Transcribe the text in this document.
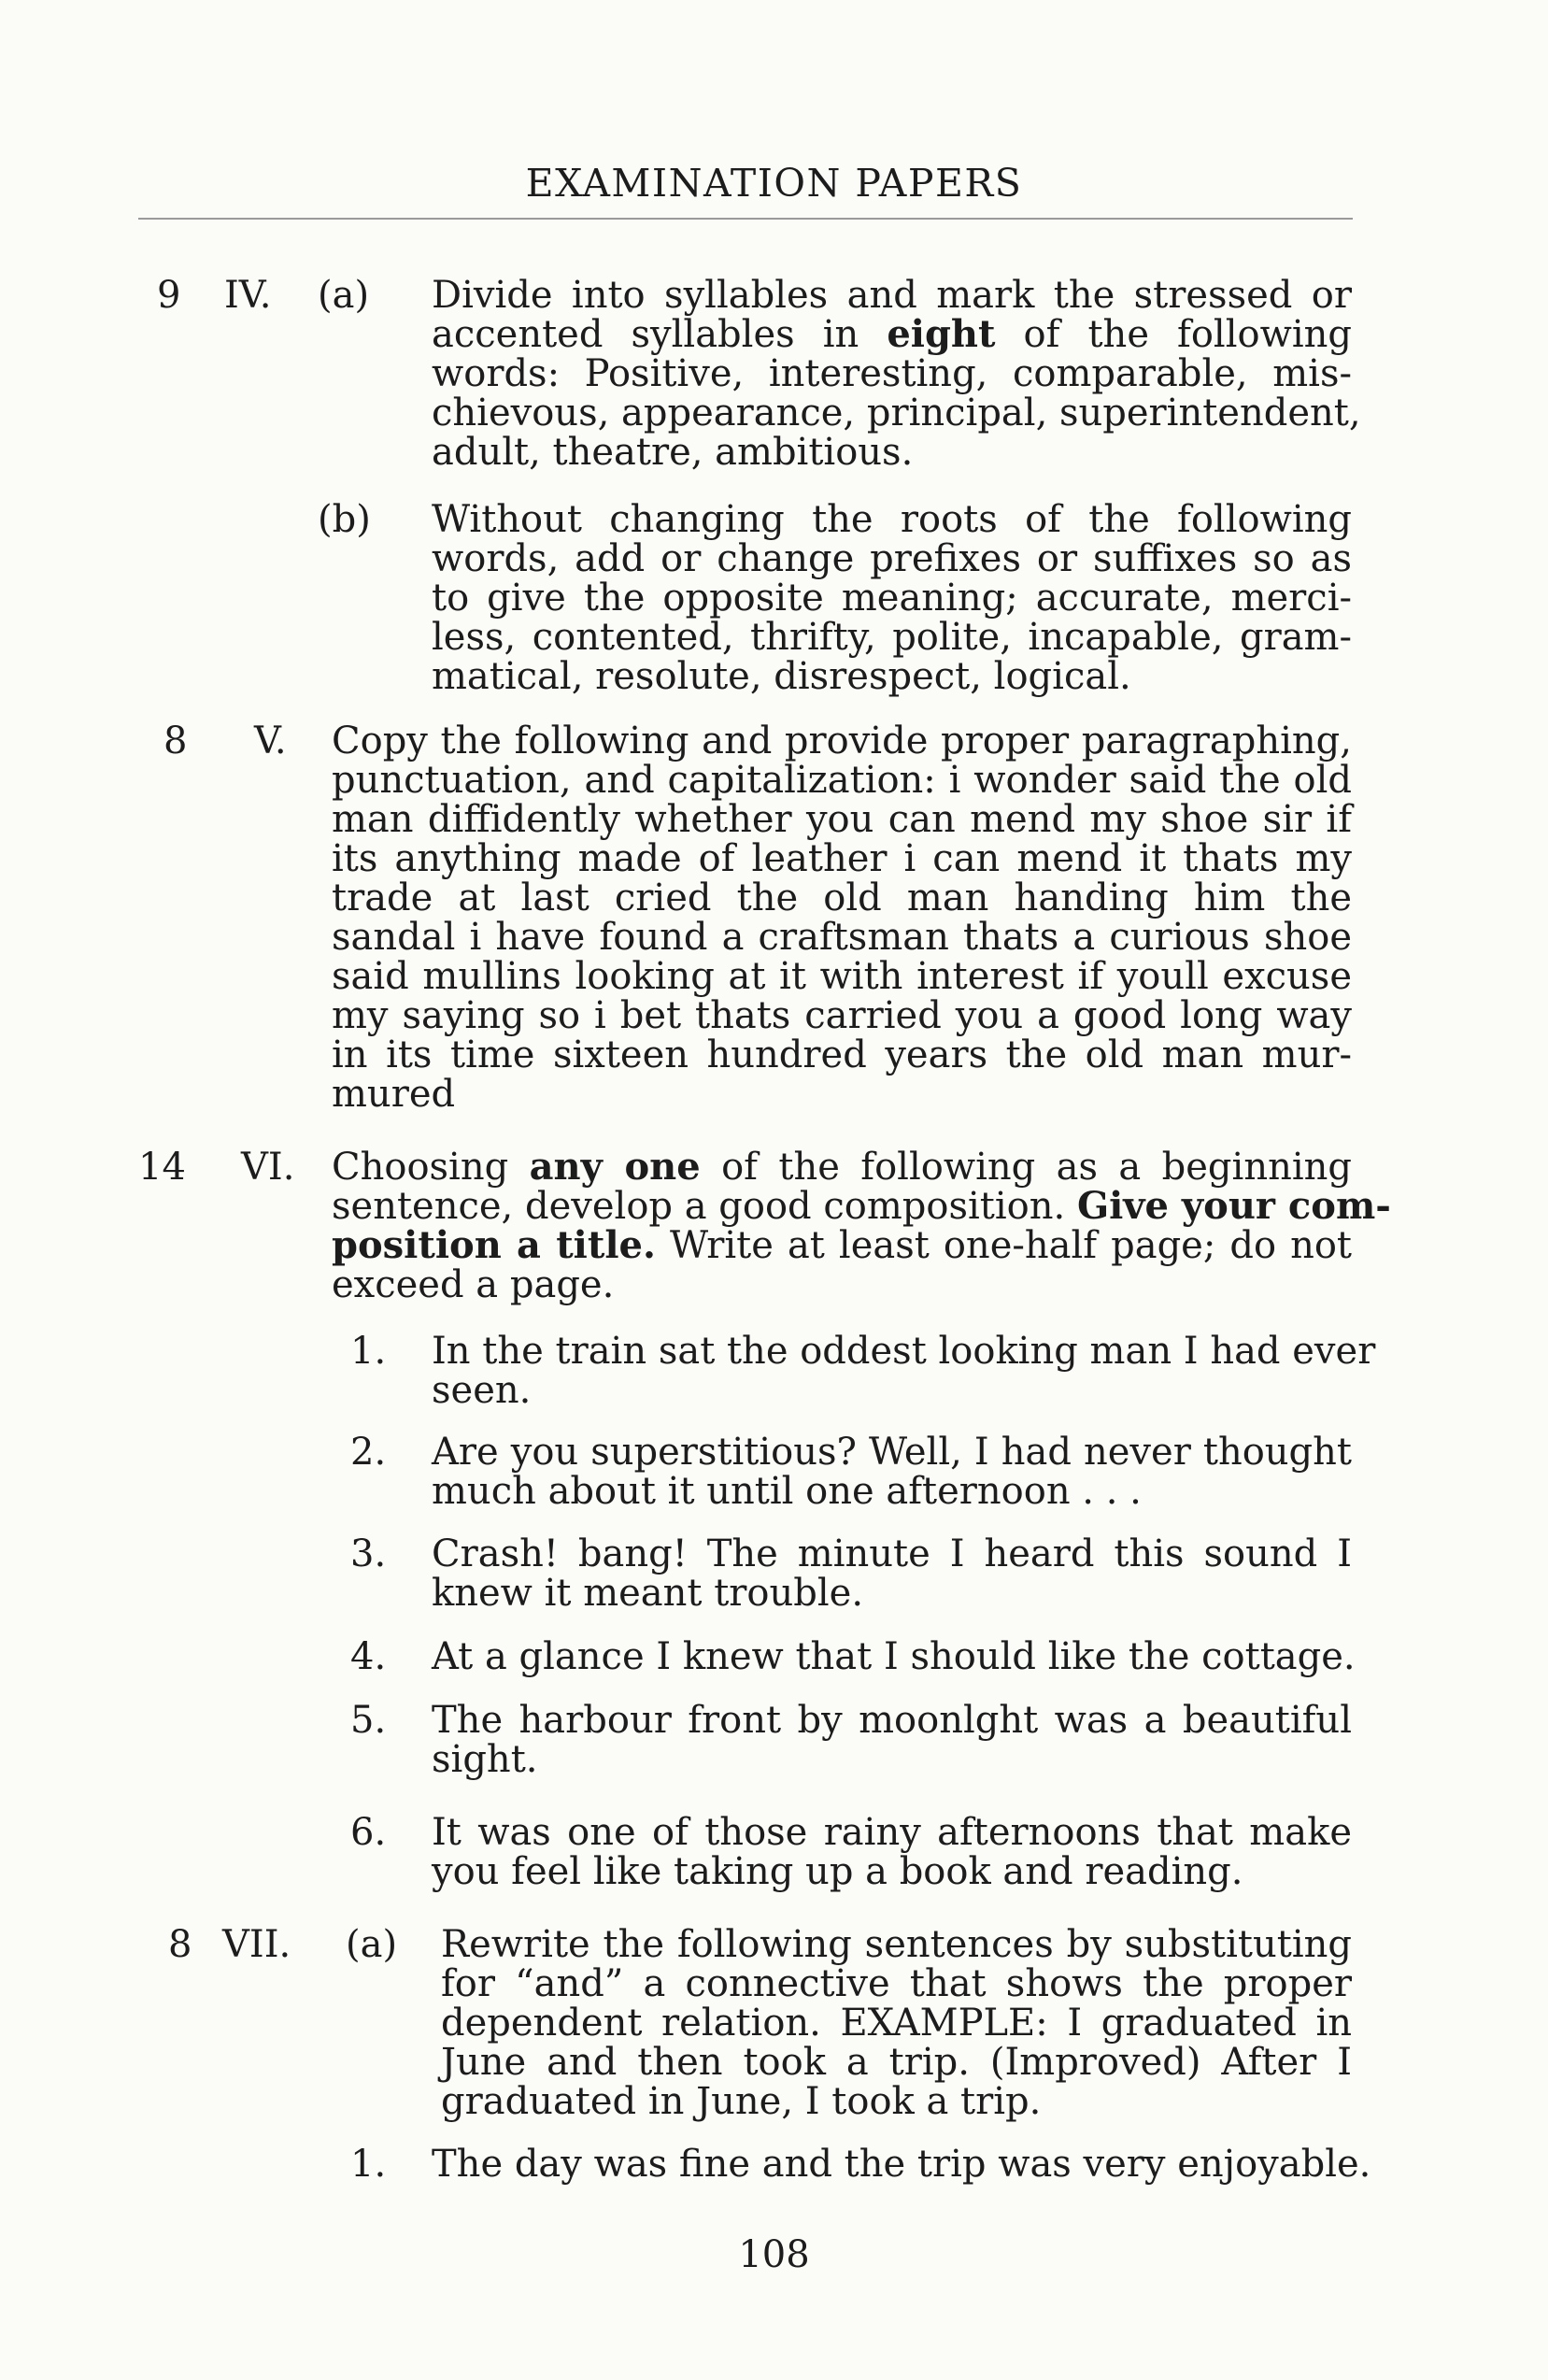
EXAMINATION PAPERS
9 IV. (a) Divide into syllables and mark the stressed or
accented syllables in eight of the following
words: Positive, interesting, comparable, mis-
chievous, appearance, principal, superintendent,
adult, theatre, ambitious.
(b) Without changing the roots of the following
words, add or change prefixes or suffixes so as
to give the opposite meaning; accurate, merci-
less, contented, thrifty, polite, incapable, gram-
matical, resolute, disrespect, logical.
8 V. Copy the following and provide proper paragraphing,
punctuation, and capitalization: i wonder said the old
man diffidently whether you can mend my shoe sir if
its anything made of leather i can mend it thats my
trade at last cried the old man handing him the
sandal i have found a craftsman thats a curious shoe
said mullins looking at it with interest if youll excuse
my saying so i bet thats carried you a good long way
in its time sixteen hundred years the old man mur-
mured
14 VI. Choosing any one of the following as a beginning
sentence, develop a good composition. Give your com-
position a title. Write at least one-half page; do not
exceed a page.
1. In the train sat the oddest looking man I had ever
seen.
2. Are you superstitious? Well, I had never thought
much about it until one afternoon . . .
3. Crash! bang! The minute I heard this sound I
knew it meant trouble.
4. At a glance I knew that I should like the cottage.
5. The harbour front by moonlght was a beautiful
sight.
6. It was one of those rainy afternoons that make
you feel like taking up a book and reading.
8 VII. (a) Rewrite the following sentences by substituting
for “and” a connective that shows the proper
dependent relation. EXAMPLE: I graduated in
June and then took a trip. (Improved) After I
graduated in June, I took a trip.
1. The day was fine and the trip was very enjoyable.
108
